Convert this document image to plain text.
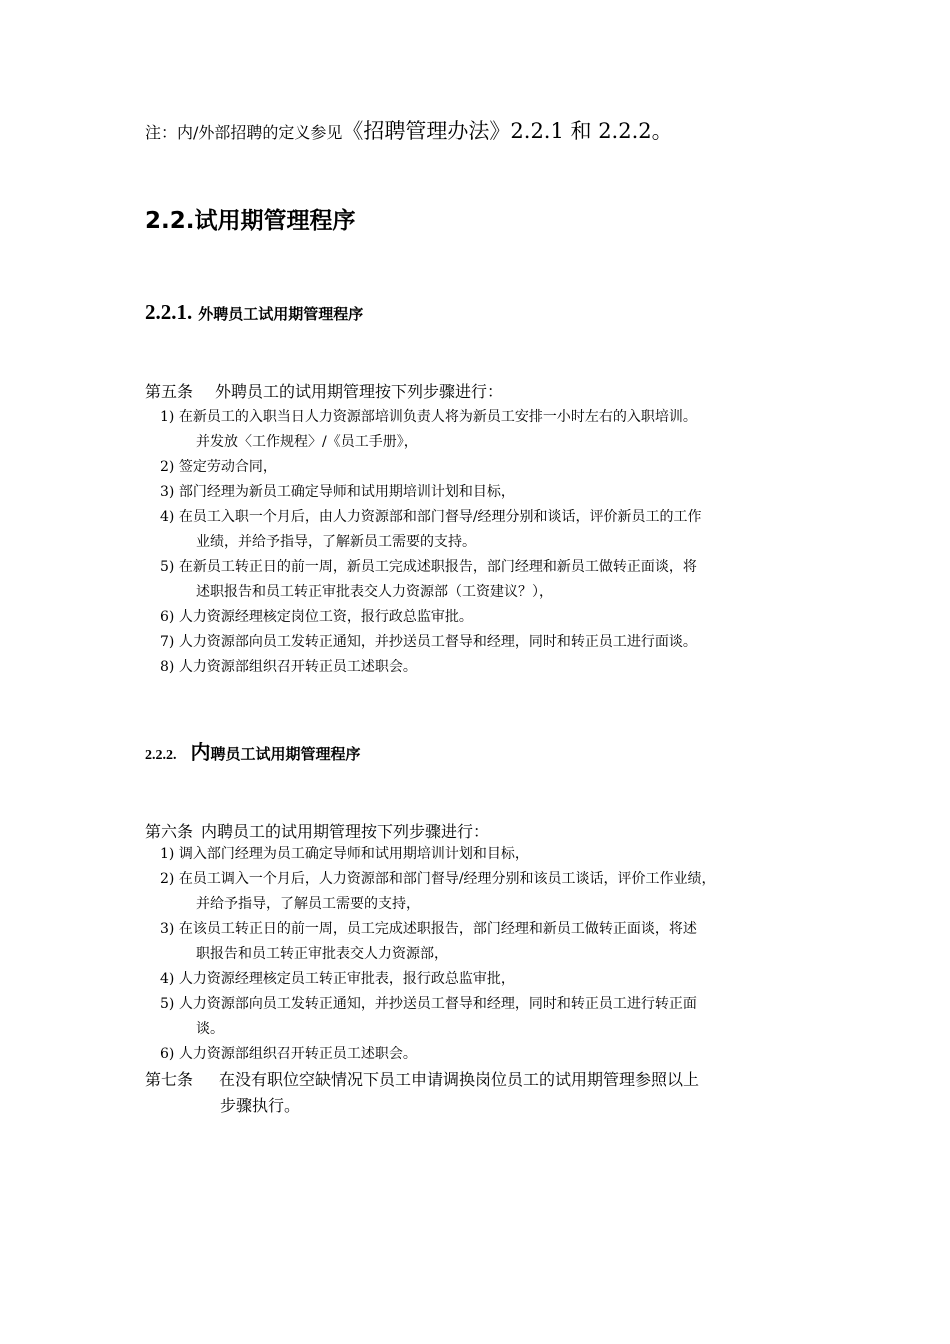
注：内/外部招聘的定义参见《招聘管理办法》2.2.1 和 2.2.2。
2.2.试用期管理程序
2.2.1. 外聘员工试用期管理程序
第五条 外聘员工的试用期管理按下列步骤进行：
1) 在新员工的入职当日人力资源部培训负责人将为新员工安排一小时左右的入职培训。
并发放〈工作规程〉/《员工手册》，
2) 签定劳动合同，
3) 部门经理为新员工确定导师和试用期培训计划和目标，
4) 在员工入职一个月后，由人力资源部和部门督导/经理分别和谈话，评价新员工的工作
业绩，并给予指导，了解新员工需要的支持。
5) 在新员工转正日的前一周，新员工完成述职报告，部门经理和新员工做转正面谈，将
述职报告和员工转正审批表交人力资源部（工资建议？），
6) 人力资源经理核定岗位工资，报行政总监审批。
7) 人力资源部向员工发转正通知，并抄送员工督导和经理，同时和转正员工进行面谈。
8) 人力资源部组织召开转正员工述职会。
2.2.2. 内聘员工试用期管理程序
第六条 内聘员工的试用期管理按下列步骤进行：
1) 调入部门经理为员工确定导师和试用期培训计划和目标，
2) 在员工调入一个月后，人力资源部和部门督导/经理分别和该员工谈话，评价工作业绩，
并给予指导，了解员工需要的支持，
3) 在该员工转正日的前一周，员工完成述职报告，部门经理和新员工做转正面谈，将述
职报告和员工转正审批表交人力资源部，
4) 人力资源经理核定员工转正审批表，报行政总监审批，
5) 人力资源部向员工发转正通知，并抄送员工督导和经理，同时和转正员工进行转正面
谈。
6) 人力资源部组织召开转正员工述职会。
第七条 在没有职位空缺情况下员工申请调换岗位员工的试用期管理参照以上
步骤执行。
